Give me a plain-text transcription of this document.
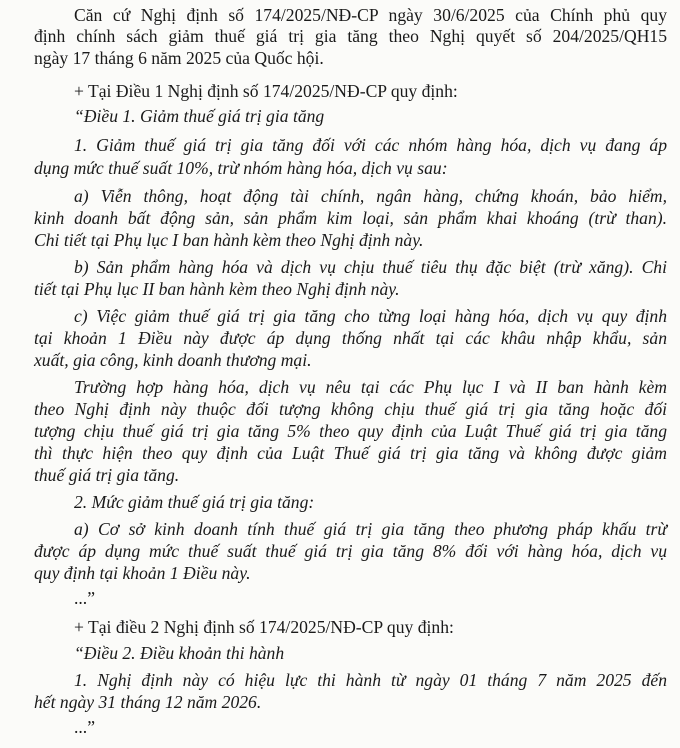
Căn cứ Nghị định số 174/2025/NĐ-CP ngày 30/6/2025 của Chính phủ quy
định chính sách giảm thuế giá trị gia tăng theo Nghị quyết số 204/2025/QH15
ngày 17 tháng 6 năm 2025 của Quốc hội.
+ Tại Điều 1 Nghị định số 174/2025/NĐ-CP quy định:
“Điều 1. Giảm thuế giá trị gia tăng
1. Giảm thuế giá trị gia tăng đối với các nhóm hàng hóa, dịch vụ đang áp
dụng mức thuế suất 10%, trừ nhóm hàng hóa, dịch vụ sau:
a) Viễn thông, hoạt động tài chính, ngân hàng, chứng khoán, bảo hiểm,
kinh doanh bất động sản, sản phẩm kim loại, sản phẩm khai khoáng (trừ than).
Chi tiết tại Phụ lục I ban hành kèm theo Nghị định này.
b) Sản phẩm hàng hóa và dịch vụ chịu thuế tiêu thụ đặc biệt (trừ xăng). Chi
tiết tại Phụ lục II ban hành kèm theo Nghị định này.
c) Việc giảm thuế giá trị gia tăng cho từng loại hàng hóa, dịch vụ quy định
tại khoản 1 Điều này được áp dụng thống nhất tại các khâu nhập khẩu, sản
xuất, gia công, kinh doanh thương mại.
Trường hợp hàng hóa, dịch vụ nêu tại các Phụ lục I và II ban hành kèm
theo Nghị định này thuộc đối tượng không chịu thuế giá trị gia tăng hoặc đối
tượng chịu thuế giá trị gia tăng 5% theo quy định của Luật Thuế giá trị gia tăng
thì thực hiện theo quy định của Luật Thuế giá trị gia tăng và không được giảm
thuế giá trị gia tăng.
2. Mức giảm thuế giá trị gia tăng:
a) Cơ sở kinh doanh tính thuế giá trị gia tăng theo phương pháp khấu trừ
được áp dụng mức thuế suất thuế giá trị gia tăng 8% đối với hàng hóa, dịch vụ
quy định tại khoản 1 Điều này.
...”
+ Tại điều 2 Nghị định số 174/2025/NĐ-CP quy định:
“Điều 2. Điều khoản thi hành
1. Nghị định này có hiệu lực thi hành từ ngày 01 tháng 7 năm 2025 đến
hết ngày 31 tháng 12 năm 2026.
...”
